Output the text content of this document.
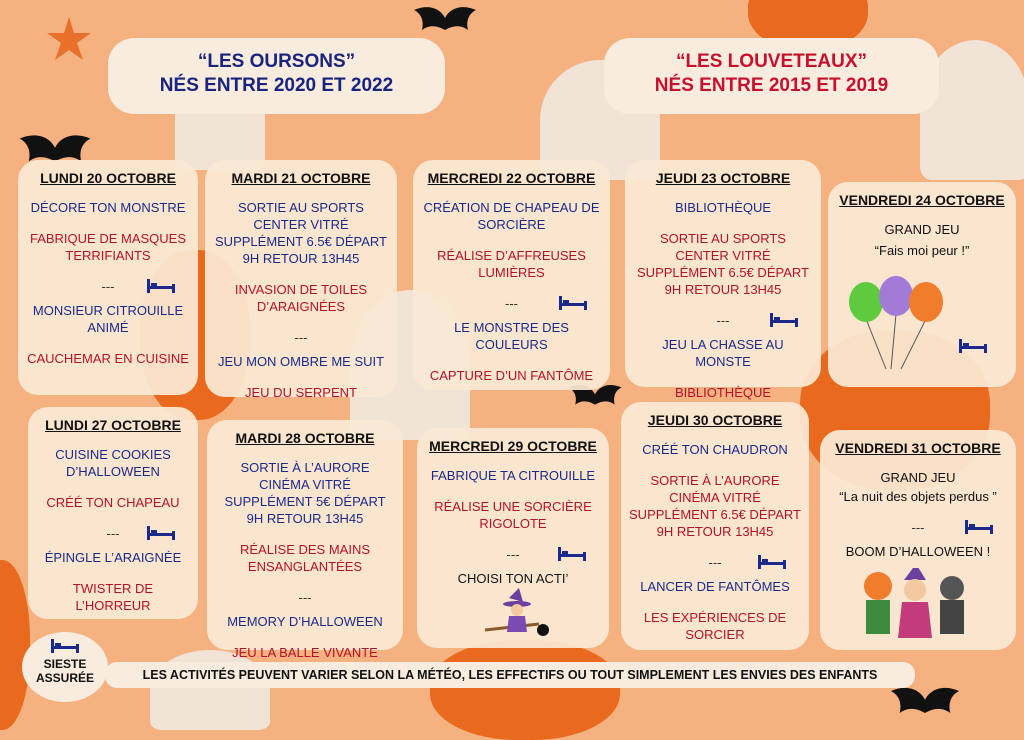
“LES OURSONS”
NÉS ENTRE 2020 ET 2022
“LES LOUVETEAUX”
NÉS ENTRE 2015 ET 2019
LUNDI 20 OCTOBRE
DÉCORE TON MONSTRE
FABRIQUE DE MASQUES TERRIFIANTS
---
MONSIEUR CITROUILLE ANIMÉ
CAUCHEMAR EN CUISINE
MARDI 21 OCTOBRE
SORTIE AU SPORTS CENTER VITRÉ SUPPLÉMENT 6.5€ DÉPART 9H RETOUR 13H45
INVASION DE TOILES D’ARAIGNÉES
---
JEU MON OMBRE ME SUIT
JEU DU SERPENT
MERCREDI 22 OCTOBRE
CRÉATION DE CHAPEAU DE SORCIÈRE
RÉALISE D’AFFREUSES LUMIÈRES
---
LE MONSTRE DES COULEURS
CAPTURE D’UN FANTÔME
JEUDI 23 OCTOBRE
BIBLIOTHÈQUE
SORTIE AU SPORTS CENTER VITRÉ SUPPLÉMENT 6.5€ DÉPART 9H RETOUR 13H45
---
JEU LA CHASSE AU MONSTE
BIBLIOTHÈQUE
VENDREDI 24 OCTOBRE
GRAND JEU
“Fais moi peur !”
LUNDI 27 OCTOBRE
CUISINE COOKIES D’HALLOWEEN
CRÉÉ TON CHAPEAU
---
ÉPINGLE L’ARAIGNÉE
TWISTER DE L’HORREUR
MARDI 28 OCTOBRE
SORTIE À L’AURORE CINÉMA VITRÉ SUPPLÉMENT 5€ DÉPART 9H RETOUR 13H45
RÉALISE DES MAINS ENSANGLANTÉES
---
MEMORY D’HALLOWEEN
JEU LA BALLE VIVANTE
MERCREDI 29 OCTOBRE
FABRIQUE TA CITROUILLE
RÉALISE UNE SORCIÈRE RIGOLOTE
---
CHOISI TON ACTI’
JEUDI 30 OCTOBRE
CRÉÉ TON CHAUDRON
SORTIE À L’AURORE CINÉMA VITRÉ SUPPLÉMENT 6.5€ DÉPART 9H RETOUR 13H45
---
LANCER DE FANTÔMES
LES EXPÉRIENCES DE SORCIER
VENDREDI 31 OCTOBRE
GRAND JEU
“La nuit des objets perdus ”
---
BOOM D’HALLOWEEN !
SIESTE
ASSURÉE	LES ACTIVITÉS PEUVENT VARIER SELON LA MÉTÉO, LES EFFECTIFS OU TOUT SIMPLEMENT LES ENVIES DES ENFANTS
